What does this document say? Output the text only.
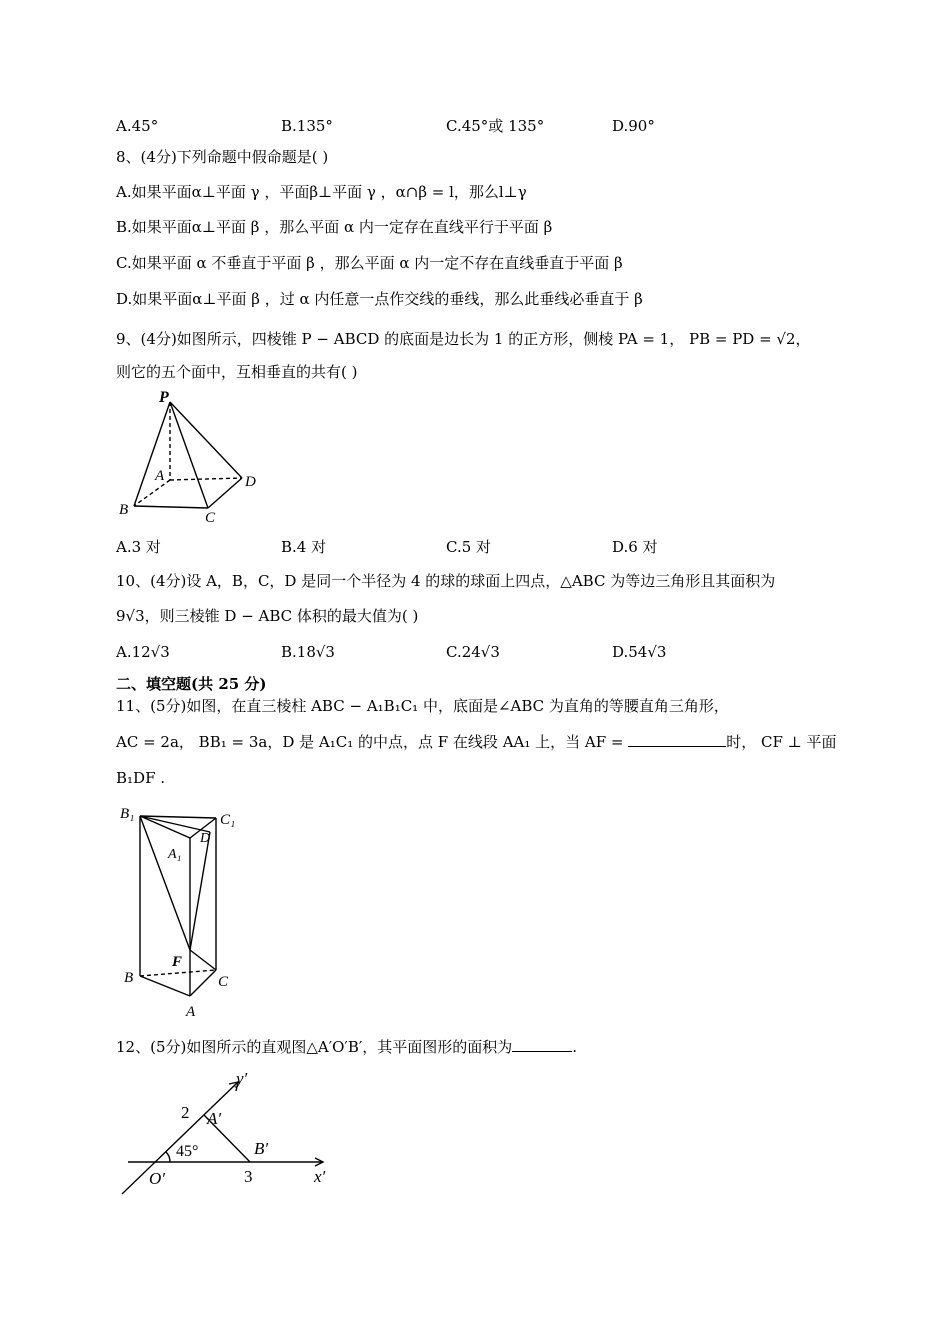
A.45°	B.135°	C.45°或 135°	D.90°
8、(4分)下列命题中假命题是( )
A.如果平面α⊥平面 γ ，平面β⊥平面 γ ，α∩β = l，那么l⊥γ
B.如果平面α⊥平面 β ，那么平面 α 内一定存在直线平行于平面 β
C.如果平面 α 不垂直于平面 β ，那么平面 α 内一定不存在直线垂直于平面 β
D.如果平面α⊥平面 β ，过 α 内任意一点作交线的垂线，那么此垂线必垂直于 β
9、(4分)如图所示，四棱锥 P − ABCD 的底面是边长为 1 的正方形，侧棱 PA = 1， PB = PD = √2，
则它的五个面中，互相垂直的共有( )
P
A
B	C
D
A.3 对	B.4 对	C.5 对	D.6 对
10、(4分)设 A，B，C，D 是同一个半径为 4 的球的球面上四点，△ABC 为等边三角形且其面积为
9√3，则三棱锥 D − ABC 体积的最大值为( )
A.12√3	B.18√3	C.24√3	D.54√3
二、填空题(共 25 分)
11、(5分)如图，在直三棱柱 ABC − A₁B₁C₁ 中，底面是∠ABC 为直角的等腰直角三角形，
AC = 2a， BB₁ = 3a，D 是 A₁C₁ 的中点，点 F 在线段 AA₁ 上，当 AF =	时， CF ⊥ 平面
B₁DF .
B₁	C₁
A₁
D
F
B	C
A
12、(5分)如图所示的直观图△A′O′B′，其平面图形的面积为	.
y′
x′
O′
A′
B′
2
3
45°
